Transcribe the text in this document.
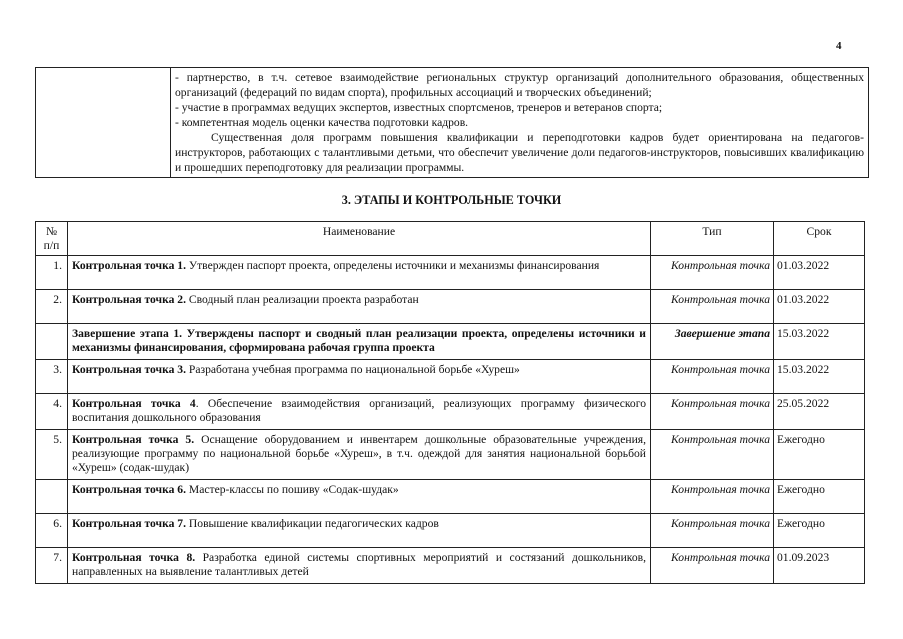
4

- партнерство, в т.ч. сетевое взаимодействие региональных структур организаций дополнительного образования, общественных организаций (федераций по видам спорта), профильных ассоциаций и творческих объединений;

- участие в программах ведущих экспертов, известных спортсменов, тренеров и ветеранов спорта;

- компетентная модель оценки качества подготовки кадров.

Существенная доля программ повышения квалификации и переподготовки кадров будет ориентирована на педагогов-инструкторов, работающих с талантливыми детьми, что обеспечит увеличение доли педагогов-инструкторов, повысивших квалификацию и прошедших переподготовку для реализации программы.

3. ЭТАПЫ И КОНТРОЛЬНЫЕ ТОЧКИ
№ п/п	Наименование	Тип	Срок
1.	Контрольная точка 1. Утвержден паспорт проекта, определены источники и механизмы финансирования	Контрольная точка	01.03.2022
2.	Контрольная точка 2. Сводный план реализации проекта разработан	Контрольная точка	01.03.2022
	Завершение этапа 1. Утверждены паспорт и сводный план реализации проекта, определены источники и механизмы финансирования, сформирована рабочая группа проекта	Завершение этапа	15.03.2022
3.	Контрольная точка 3. Разработана учебная программа по национальной борьбе «Хуреш»	Контрольная точка	15.03.2022
4.	Контрольная точка 4. Обеспечение взаимодействия организаций, реализующих программу физического воспитания дошкольного образования	Контрольная точка	25.05.2022
5.	Контрольная точка 5. Оснащение оборудованием и инвентарем дошкольные образовательные учреждения, реализующие программу по национальной борьбе «Хуреш», в т.ч. одеждой для занятия национальной борьбой «Хуреш» (содак-шудак)	Контрольная точка	Ежегодно
	Контрольная точка 6. Мастер-классы по пошиву «Содак-шудак»	Контрольная точка	Ежегодно
6.	Контрольная точка 7. Повышение квалификации педагогических кадров	Контрольная точка	Ежегодно
7.	Контрольная точка 8. Разработка единой системы спортивных мероприятий и состязаний дошкольников, направленных на выявление талантливых детей	Контрольная точка	01.09.2023
